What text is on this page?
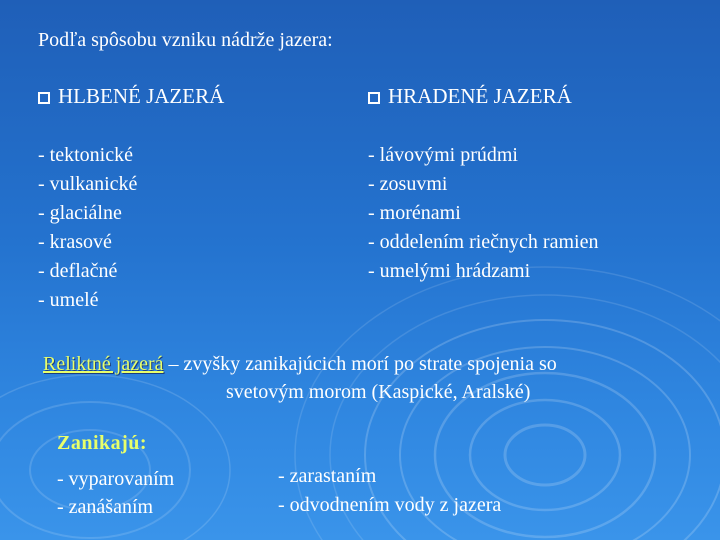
Podľa spôsobu vzniku nádrže jazera:
HLBENÉ JAZERÁ	HRADENÉ JAZERÁ
- tektonické
- vulkanické
- glaciálne
- krasové
- deflačné
- umelé
- lávovými prúdmi
- zosuvmi
- morénami
- oddelením riečnych ramien
- umelými hrádzami
Reliktné jazerá – zvyšky zanikajúcich morí po strate spojenia so
svetovým morom (Kaspické, Aralské)
Zanikajú:
- vyparovaním
- zanášaním
- zarastaním
- odvodnením vody z jazera
